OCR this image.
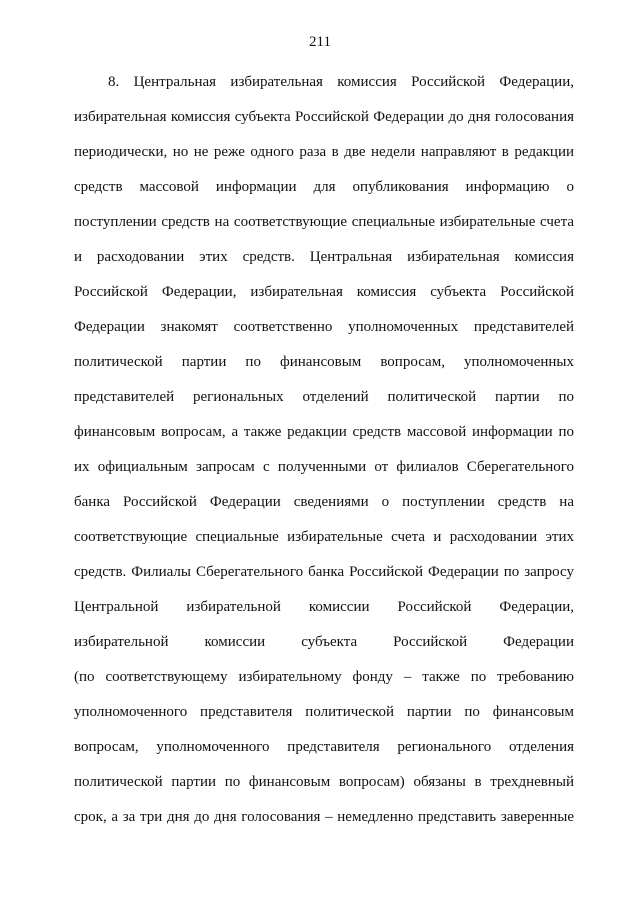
211
8. Центральная избирательная комиссия Российской Федерации,
избирательная комиссия субъекта Российской Федерации до дня голосования
периодически, но не реже одного раза в две недели направляют в редакции
средств массовой информации для опубликования информацию о
поступлении средств на соответствующие специальные избирательные счета
и расходовании этих средств. Центральная избирательная комиссия
Российской Федерации, избирательная комиссия субъекта Российской
Федерации знакомят соответственно уполномоченных представителей
политической партии по финансовым вопросам, уполномоченных
представителей региональных отделений политической партии по
финансовым вопросам, а также редакции средств массовой информации по
их официальным запросам с полученными от филиалов Сберегательного
банка Российской Федерации сведениями о поступлении средств на
соответствующие специальные избирательные счета и расходовании этих
средств. Филиалы Сберегательного банка Российской Федерации по запросу
Центральной избирательной комиссии Российской Федерации,
избирательной комиссии субъекта Российской Федерации
(по соответствующему избирательному фонду – также по требованию
уполномоченного представителя политической партии по финансовым
вопросам, уполномоченного представителя регионального отделения
политической партии по финансовым вопросам) обязаны в трехдневный
срок, а за три дня до дня голосования – немедленно представить заверенные
